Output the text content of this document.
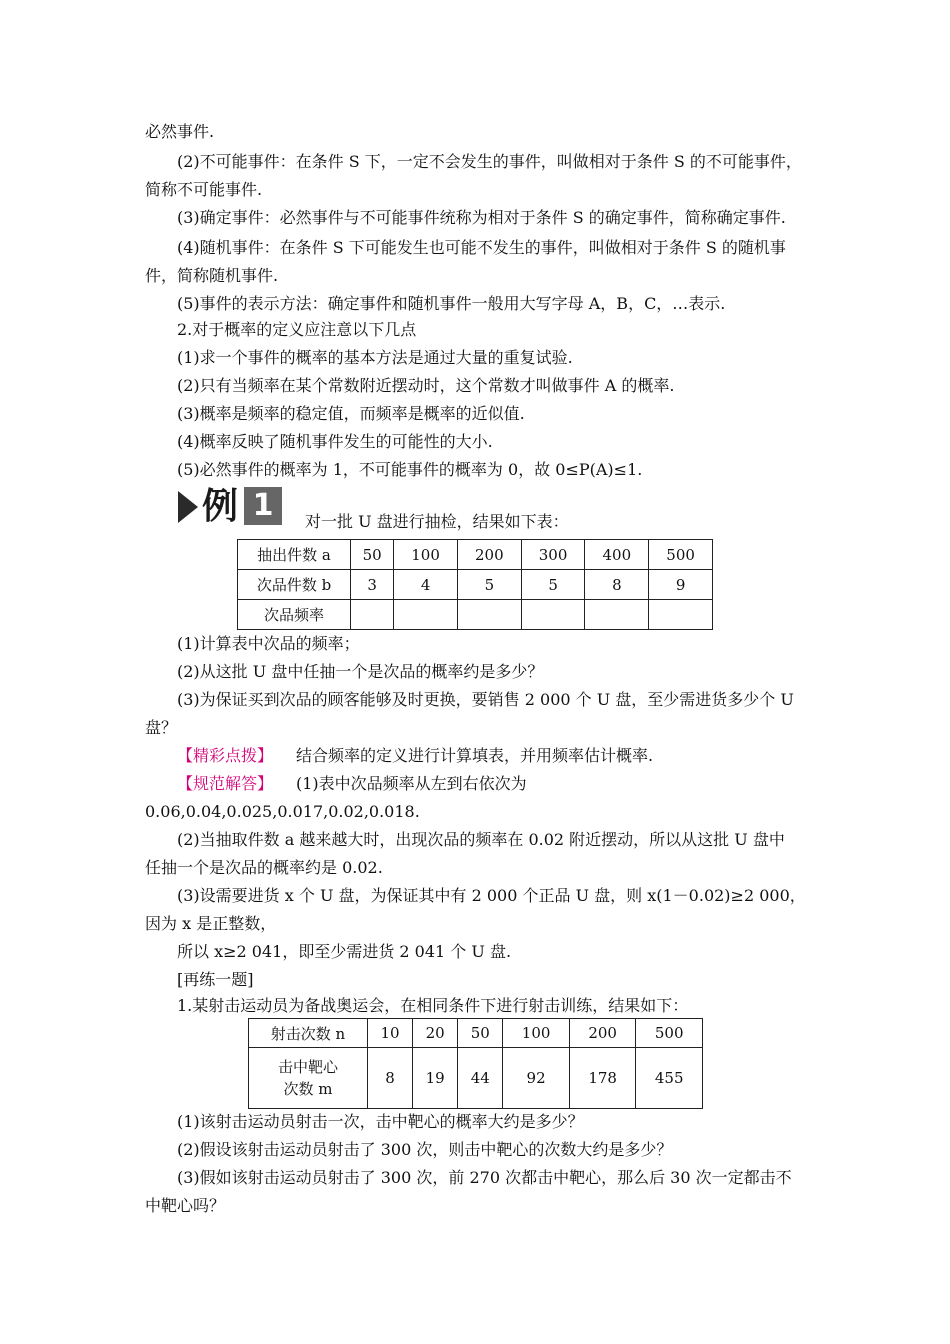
必然事件.
(2)不可能事件：在条件 S 下，一定不会发生的事件，叫做相对于条件 S 的不可能事件，
简称不可能事件.
(3)确定事件：必然事件与不可能事件统称为相对于条件 S 的确定事件，简称确定事件.
(4)随机事件：在条件 S 下可能发生也可能不发生的事件，叫做相对于条件 S 的随机事
件，简称随机事件.
(5)事件的表示方法：确定事件和随机事件一般用大写字母 A，B，C，…表示.
2.对于概率的定义应注意以下几点
(1)求一个事件的概率的基本方法是通过大量的重复试验.
(2)只有当频率在某个常数附近摆动时，这个常数才叫做事件 A 的概率.
(3)概率是频率的稳定值，而频率是概率的近似值.
(4)概率反映了随机事件发生的可能性的大小.
(5)必然事件的概率为 1，不可能事件的概率为 0，故 0≤P(A)≤1.
例 1	对一批 U 盘进行抽检，结果如下表：
抽出件数 a	50	100	200	300	400	500
次品件数 b	3	4	5	5	8	9
次品频率						
(1)计算表中次品的频率；
(2)从这批 U 盘中任抽一个是次品的概率约是多少？
(3)为保证买到次品的顾客能够及时更换，要销售 2 000 个 U 盘，至少需进货多少个 U
盘？
【精彩点拨】 结合频率的定义进行计算填表，并用频率估计概率.
【规范解答】 (1)表中次品频率从左到右依次为
0.06,0.04,0.025,0.017,0.02,0.018.
(2)当抽取件数 a 越来越大时，出现次品的频率在 0.02 附近摆动，所以从这批 U 盘中
任抽一个是次品的概率约是 0.02.
(3)设需要进货 x 个 U 盘，为保证其中有 2 000 个正品 U 盘，则 x(1－0.02)≥2 000，
因为 x 是正整数，
所以 x≥2 041，即至少需进货 2 041 个 U 盘.
[再练一题]
1.某射击运动员为备战奥运会，在相同条件下进行射击训练，结果如下：
射击次数 n	10	20	50	100	200	500

击中靶心
次数 m	8	19	44	92	178	455
(1)该射击运动员射击一次，击中靶心的概率大约是多少？
(2)假设该射击运动员射击了 300 次，则击中靶心的次数大约是多少？
(3)假如该射击运动员射击了 300 次，前 270 次都击中靶心，那么后 30 次一定都击不
中靶心吗？
